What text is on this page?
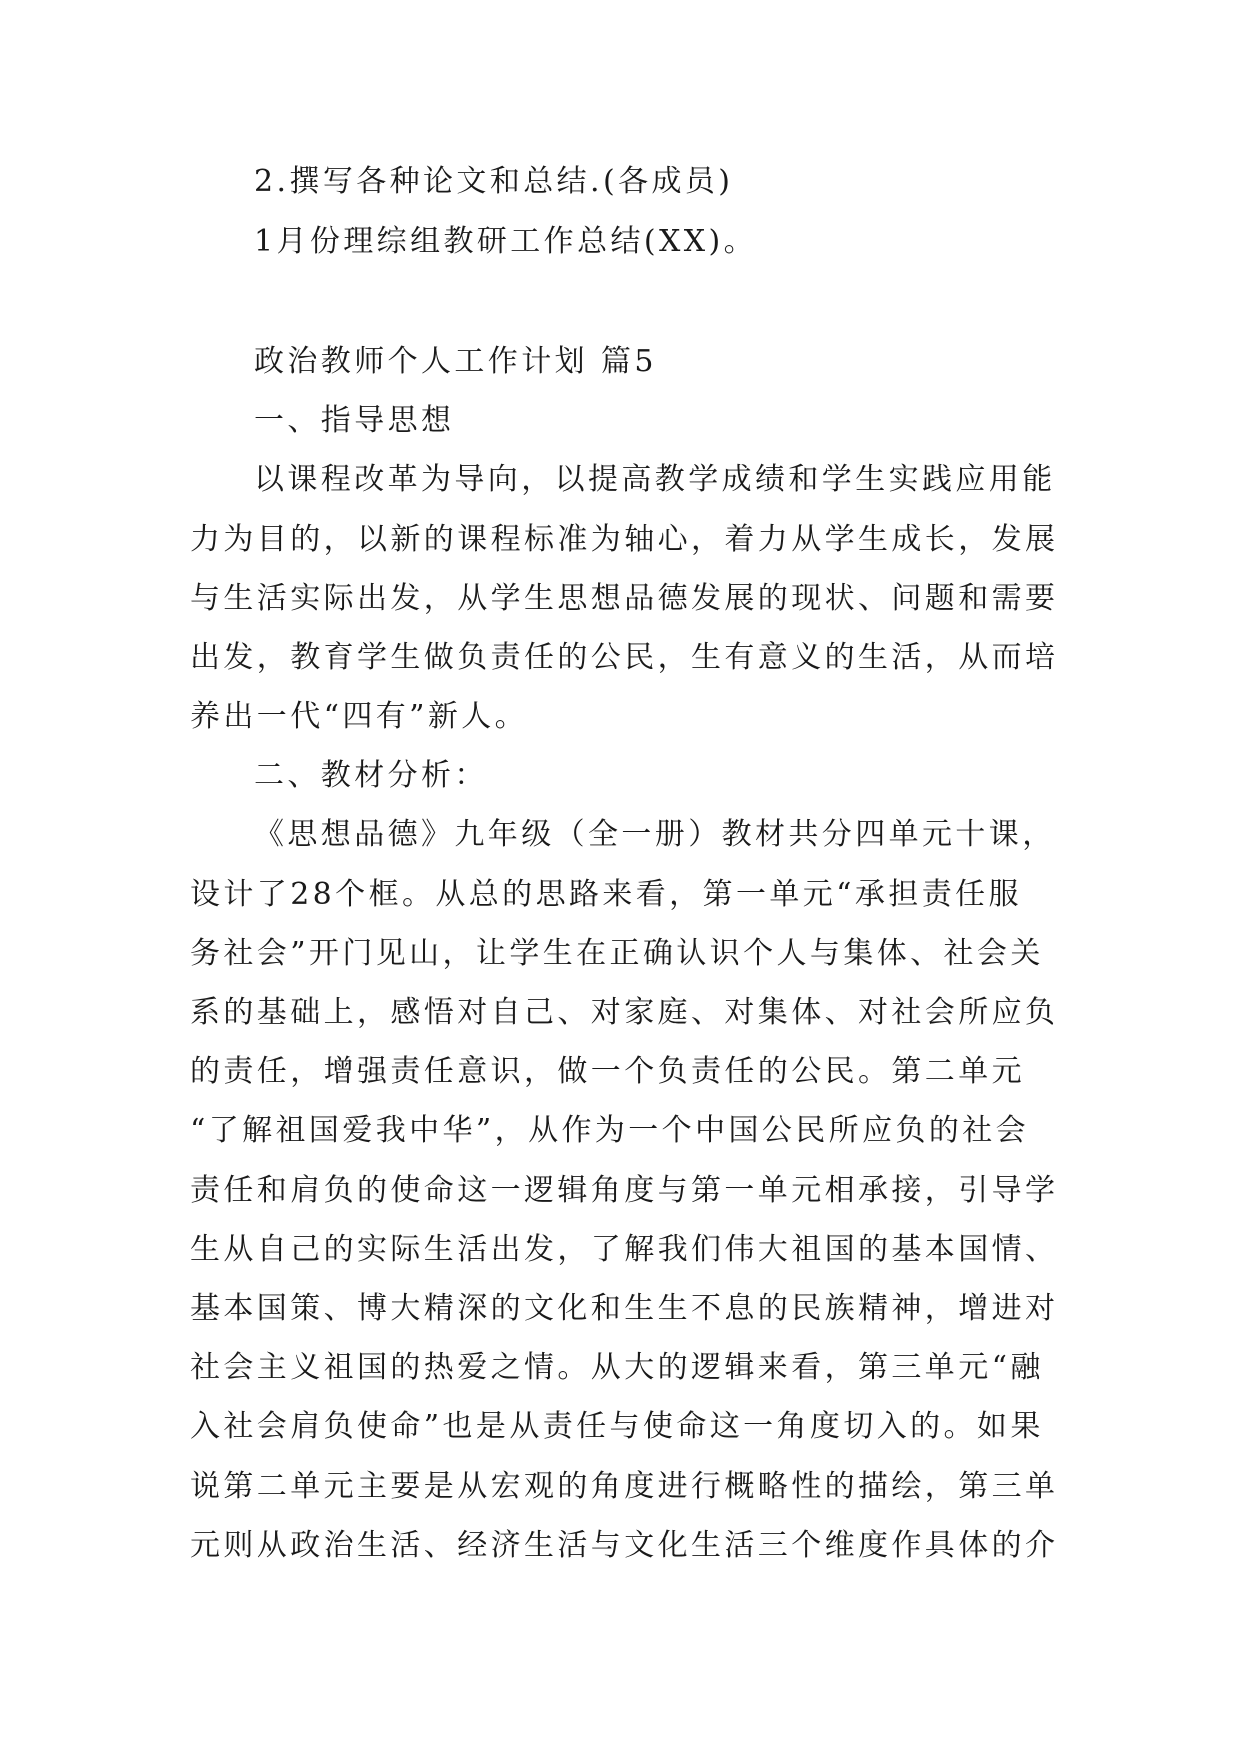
2.撰写各种论文和总结.(各成员)
1月份理综组教研工作总结(XX)。
政治教师个人工作计划 篇5
一、指导思想
以课程改革为导向，以提高教学成绩和学生实践应用能
力为目的，以新的课程标准为轴心，着力从学生成长，发展
与生活实际出发，从学生思想品德发展的现状、问题和需要
出发，教育学生做负责任的公民，生有意义的生活，从而培
养出一代“四有”新人。
二、教材分析：
《思想品德》九年级（全一册）教材共分四单元十课，
设计了28个框。从总的思路来看，第一单元“承担责任服
务社会”开门见山，让学生在正确认识个人与集体、社会关
系的基础上，感悟对自己、对家庭、对集体、对社会所应负
的责任，增强责任意识，做一个负责任的公民。第二单元
“了解祖国爱我中华”，从作为一个中国公民所应负的社会
责任和肩负的使命这一逻辑角度与第一单元相承接，引导学
生从自己的实际生活出发，了解我们伟大祖国的基本国情、
基本国策、博大精深的文化和生生不息的民族精神，增进对
社会主义祖国的热爱之情。从大的逻辑来看，第三单元“融
入社会肩负使命”也是从责任与使命这一角度切入的。如果
说第二单元主要是从宏观的角度进行概略性的描绘，第三单
元则从政治生活、经济生活与文化生活三个维度作具体的介
